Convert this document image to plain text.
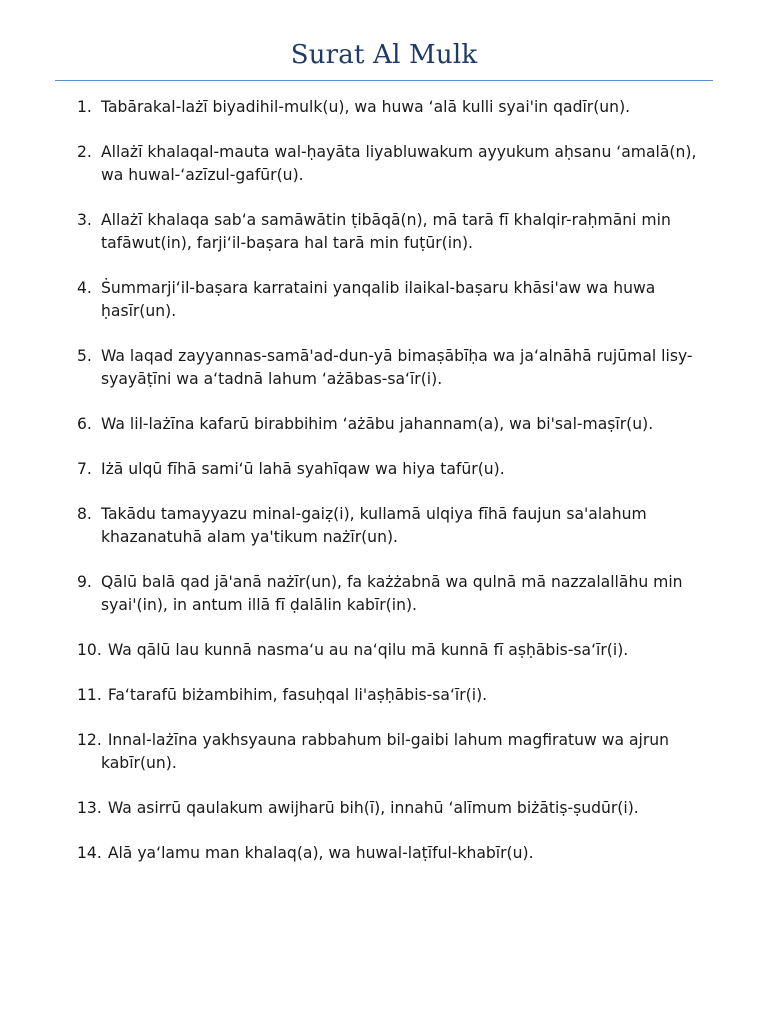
Surat Al Mulk
1. Tabārakal-lażī biyadihil-mulk(u), wa huwa ‘alā kulli syai'in qadīr(un).
2. Allażī khalaqal-mauta wal-ḥayāta liyabluwakum ayyukum aḥsanu ‘amalā(n), wa huwal-‘azīzul-gafūr(u).
3. Allażī khalaqa sab‘a samāwātin ṭibāqā(n), mā tarā fī khalqir-raḥmāni min tafāwut(in), farji‘il-baṣara hal tarā min fuṭūr(in).
4. Ṡummarji‘il-baṣara karrataini yanqalib ilaikal-baṣaru khāsi'aw wa huwa ḥasīr(un).
5. Wa laqad zayyannas-samā'ad-dun-yā bimaṣābīḥa wa ja‘alnāhā rujūmal lisy-syayāṭīni wa a‘tadnā lahum ‘ażābas-sa‘īr(i).
6. Wa lil-lażīna kafarū birabbihim ‘ażābu jahannam(a), wa bi'sal-maṣīr(u).
7. Iżā ulqū fīhā sami‘ū lahā syahīqaw wa hiya tafūr(u).
8. Takādu tamayyazu minal-gaiẓ(i), kullamā ulqiya fīhā faujun sa'alahum khazanatuhā alam ya'tikum nażīr(un).
9. Qālū balā qad jā'anā nażīr(un), fa każżabnā wa qulnā mā nazzalallāhu min syai'(in), in antum illā fī ḍalālin kabīr(in).
10. Wa qālū lau kunnā nasma‘u au na‘qilu mā kunnā fī aṣḥābis-sa‘īr(i).
11. Fa‘tarafū biżambihim, fasuḥqal li'aṣḥābis-sa‘īr(i).
12. Innal-lażīna yakhsyauna rabbahum bil-gaibi lahum magfiratuw wa ajrun kabīr(un).
13. Wa asirrū qaulakum awijharū bih(ī), innahū ‘alīmum biżātiṣ-ṣudūr(i).
14. Alā ya‘lamu man khalaq(a), wa huwal-laṭīful-khabīr(u).
